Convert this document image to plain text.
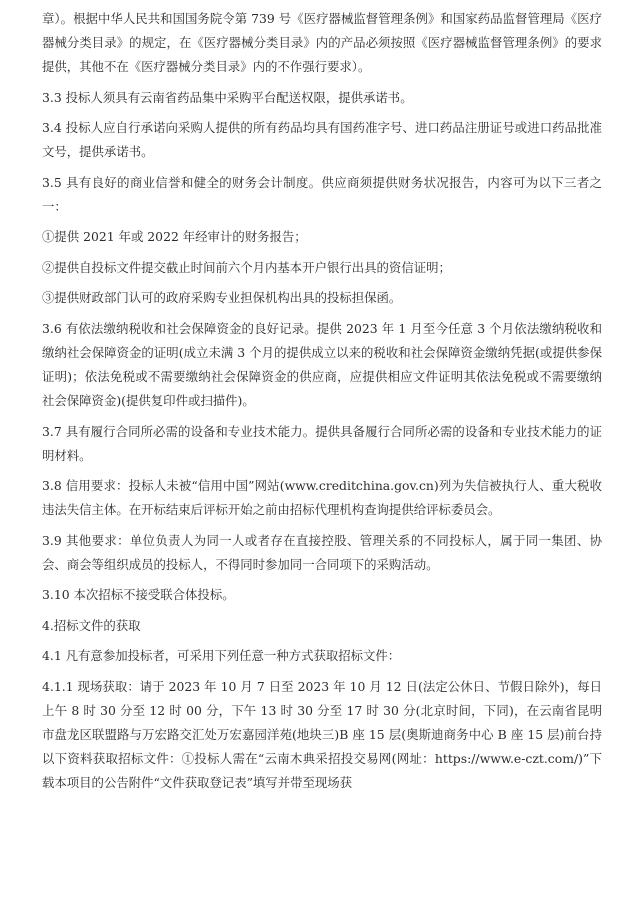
章）。根据中华人民共和国国务院令第 739 号《医疗器械监督管理条例》和国家药品监督管理局《医疗器械分类目录》的规定，在《医疗器械分类目录》内的产品必须按照《医疗器械监督管理条例》的要求提供，其他不在《医疗器械分类目录》内的不作强行要求）。

3.3 投标人须具有云南省药品集中采购平台配送权限，提供承诺书。

3.4 投标人应自行承诺向采购人提供的所有药品均具有国药准字号、进口药品注册证号或进口药品批准文号，提供承诺书。

3.5 具有良好的商业信誉和健全的财务会计制度。供应商须提供财务状况报告，内容可为以下三者之一：

①提供 2021 年或 2022 年经审计的财务报告；

②提供自投标文件提交截止时间前六个月内基本开户银行出具的资信证明；

③提供财政部门认可的政府采购专业担保机构出具的投标担保函。

3.6 有依法缴纳税收和社会保障资金的良好记录。提供 2023 年 1 月至今任意 3 个月依法缴纳税收和缴纳社会保障资金的证明(成立未满 3 个月的提供成立以来的税收和社会保障资金缴纳凭据(或提供参保证明)；依法免税或不需要缴纳社会保障资金的供应商，应提供相应文件证明其依法免税或不需要缴纳社会保障资金)(提供复印件或扫描件)。

3.7 具有履行合同所必需的设备和专业技术能力。提供具备履行合同所必需的设备和专业技术能力的证明材料。

3.8 信用要求：投标人未被“信用中国”网站(www.creditchina.gov.cn)列为失信被执行人、重大税收违法失信主体。在开标结束后评标开始之前由招标代理机构查询提供给评标委员会。

3.9 其他要求：单位负责人为同一人或者存在直接控股、管理关系的不同投标人，属于同一集团、协会、商会等组织成员的投标人，不得同时参加同一合同项下的采购活动。

3.10 本次招标不接受联合体投标。

4.招标文件的获取

4.1 凡有意参加投标者，可采用下列任意一种方式获取招标文件：

4.1.1 现场获取：请于 2023 年 10 月 7 日至 2023 年 10 月 12 日(法定公休日、节假日除外)，每日上午 8 时 30 分至 12 时 00 分，下午 13 时 30 分至 17 时 30 分(北京时间，下同)，在云南省昆明市盘龙区联盟路与万宏路交汇处万宏嘉园洋苑(地块三)B 座 15 层(奥斯迪商务中心 B 座 15 层)前台持以下资料获取招标文件：①投标人需在“云南木典采招投交易网(网址：https://www.e-czt.com/)”下载本项目的公告附件“文件获取登记表”填写并带至现场获
